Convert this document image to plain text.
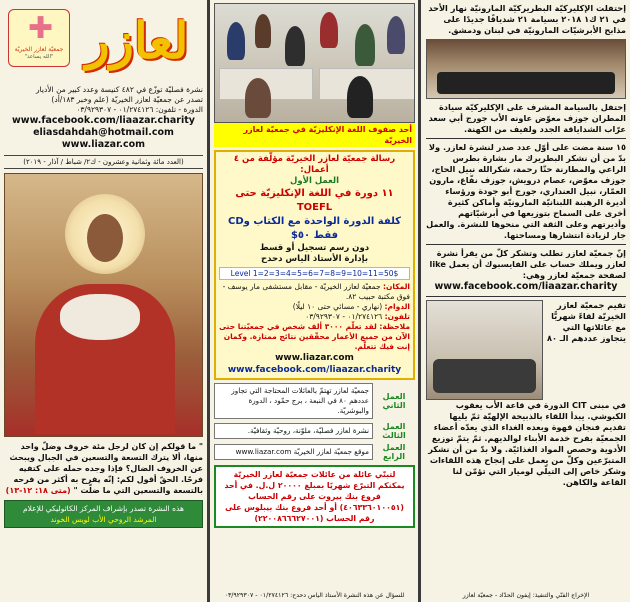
✚
جمعيّة لعازر الخيريّة
"الله يساعد" لعازر
نشرة فصليّة توزّع في ٤٨٢ كنيسة وعدد كبير من الأديار
تصدر عن جمعيّة لعازر الخيريّة (علم وخبر ١٨٣/أد)
الدورة - تلفون: ٠١/٢٧٤١٢٦ - ٠٣/٩٢٩٣٠٧
www.facebook.com/liaazar.charity
eliasdahdah@hotmail.com
www.liazar.com
(العدد مائة وثمانية وعشرون - ك٢/ شباط / آذار - ٢٠١٩)
" ما قولكم إن كان لرجل مئة خروف وضلّ واحد منها، ألا يترك التسعة والتسعين في الجبال ويبحث عن الخروف الضال؟ فإذا وجده حمله على كتفيه فرحًا. الحقّ أقول لكم: إنّه يفرح به أكثر من فرحه بالتسعة والتسعين التي ما ضلّت " (متى ١٨: ١٢-١٣)
هذه النشرة تصدر بإشراف المركز الكاثوليكي للإعلام
المرشد الروحي الأب لويس الخوند
أحد صفوف اللغة الإنكليزيّة في جمعيّة لعازر الخيريّة
رسالة جمعيّة لعازر الخيريّة مؤلّفة من ٤ أعمال:
العمل الأول
١١ دورة في اللغة الإنكليزيّة حتى TOEFL
كلفة الدورة الواحدة مع الكتاب وCD فقط ٥٠$
دون رسم تسجيل أو قسط
بإدارة الأستاذ الياس دحدح
Level 1=2=3=4=5=6=7=8=9=10=11=50$
المكان: جمعيّة لعازر الخيريّة - مقابل مستشفى مار يوسف - فوق مكتبة حبيب ٨٢.
الدوام: (نهاري - مسائي حتى ١٠ ليلًا)
تلفون: ٠١/٢٧٤١٢٦ - ٠٣/٩٢٩٣٠٧
ملاحظة: لقد تعلّم ٣٠٠٠ ألف شخص في جمعيّتنا حتى الآن من جميع الأعمار محقّقين نتائج ممتازة. وكمان إنت فيك تتعلّم.
www.liazar.com
www.facebook.com/liaazar.charity
العمل الثاني
جمعيّة لعازر تهتمّ بالعائلات المحتاجة التي تجاوز عددهم ٨٠ في النبعة ، برج حمّود ، الدورة والبوشريّة.
العمل الثالث
نشرة لعازر فصليّة، ملوّنة، روحيّة وثقافيّة.
العمل الرابع
موقع جمعيّة لعازر الخيريّة www.liazar.com
لتبنّي عائلة من عائلات جمعيّة لعازر الخيريّة يمكنكم التبرّع شهريًا بمبلغ ٢٠٠٠٠ ل.ل. في أحد فروع بنك بيروت على رقم الحساب (٤٠٦٣٣٦٠١٠٠٥١) أو أحد فروع بنك بيبلوس على رقم الحساب (٢٢٠٠٨٦٦٦٢٧٠٠١)
للسؤال عن هذه النشرة الأستاذ الياس دحدح: ٠١/٢٧٤١٢٦ - ٠٣/٩٢٩٣٠٧
إحتفلت الإكليركيّة البطريركيّة المارونيّة نهار الأحد في ٢١ ك١ ٢٠١٨ بسيامة ٢١ شدياقًا جديدًا على مذابح الأبرشيّات المارونيّة في لبنان ودمشق.
إحتفل بالسيامة المشرف على الإكليركيّة سيادة المطران جوزف معوّض عاونه الأب جورج أبي سعد عرّاب الشداياقة الجدد ولفيف من الكهنة.
١٥ سنة مضت على أوّل عدد صدر لنشرة لعازر. ولا بدّ من أن نشكر البطريرك مار بشارة بطرس الراعي والمطارنة حنّا رحمة، شكرالله نبيل الحاج، جوزف معوّض، عصام درويش، جوزف نفّاع، مارون العمّار، نبيل العنداري، جورج أبو جودة ورؤساء أديرة الرهبنة اللبنانيّة المارونيّة وأماكن كثيرة أخرى على السماح بتوزيعها في أبرشيّاتهم وأديرتهم وعلى الثقة التي منحوها للنشرة. والعمل جار لزيادة انتشارها ومساحتها.
إنّ جمعيّة لعازر تطلب وتشكر كلّ من يقرأ نشرة لعازر ويملك حساب على الفايسبوك أن يعمل like لصفحة جمعيّة لعازر وهي:
www.facebook.com/liaazar.charity
تقيم جمعيّة لعازر الخيريّة لقاءً شهريًّا مع عائلاتها التي يتجاوز عددهم الـ ٨٠
في مبنى CIT الدورة في قاعة الأب يعقوب الكبوشي. يبدأ اللقاء بالذبيحة الإلهيّة ثمّ يليها تقديم فنجان قهوة وبعده الغداء الذي يعدّه أعضاء الجمعيّة بفرح خدمة الأبناء لوالديهم. ثمّ يتمّ توزيع الأدوية وحصص المواد الغذائيّة. ولا بدّ من أن نشكر المتبرّعين وكلّ من يعمل على إنجاح هذه اللقاءات وشكر خاص إلى التيلّي لوميار التي تؤمّن لنا القاعة والكاهن.
الإخراج الفنّي والتنفيذ: إيفون الحدّاد - جمعيّة لعازر
